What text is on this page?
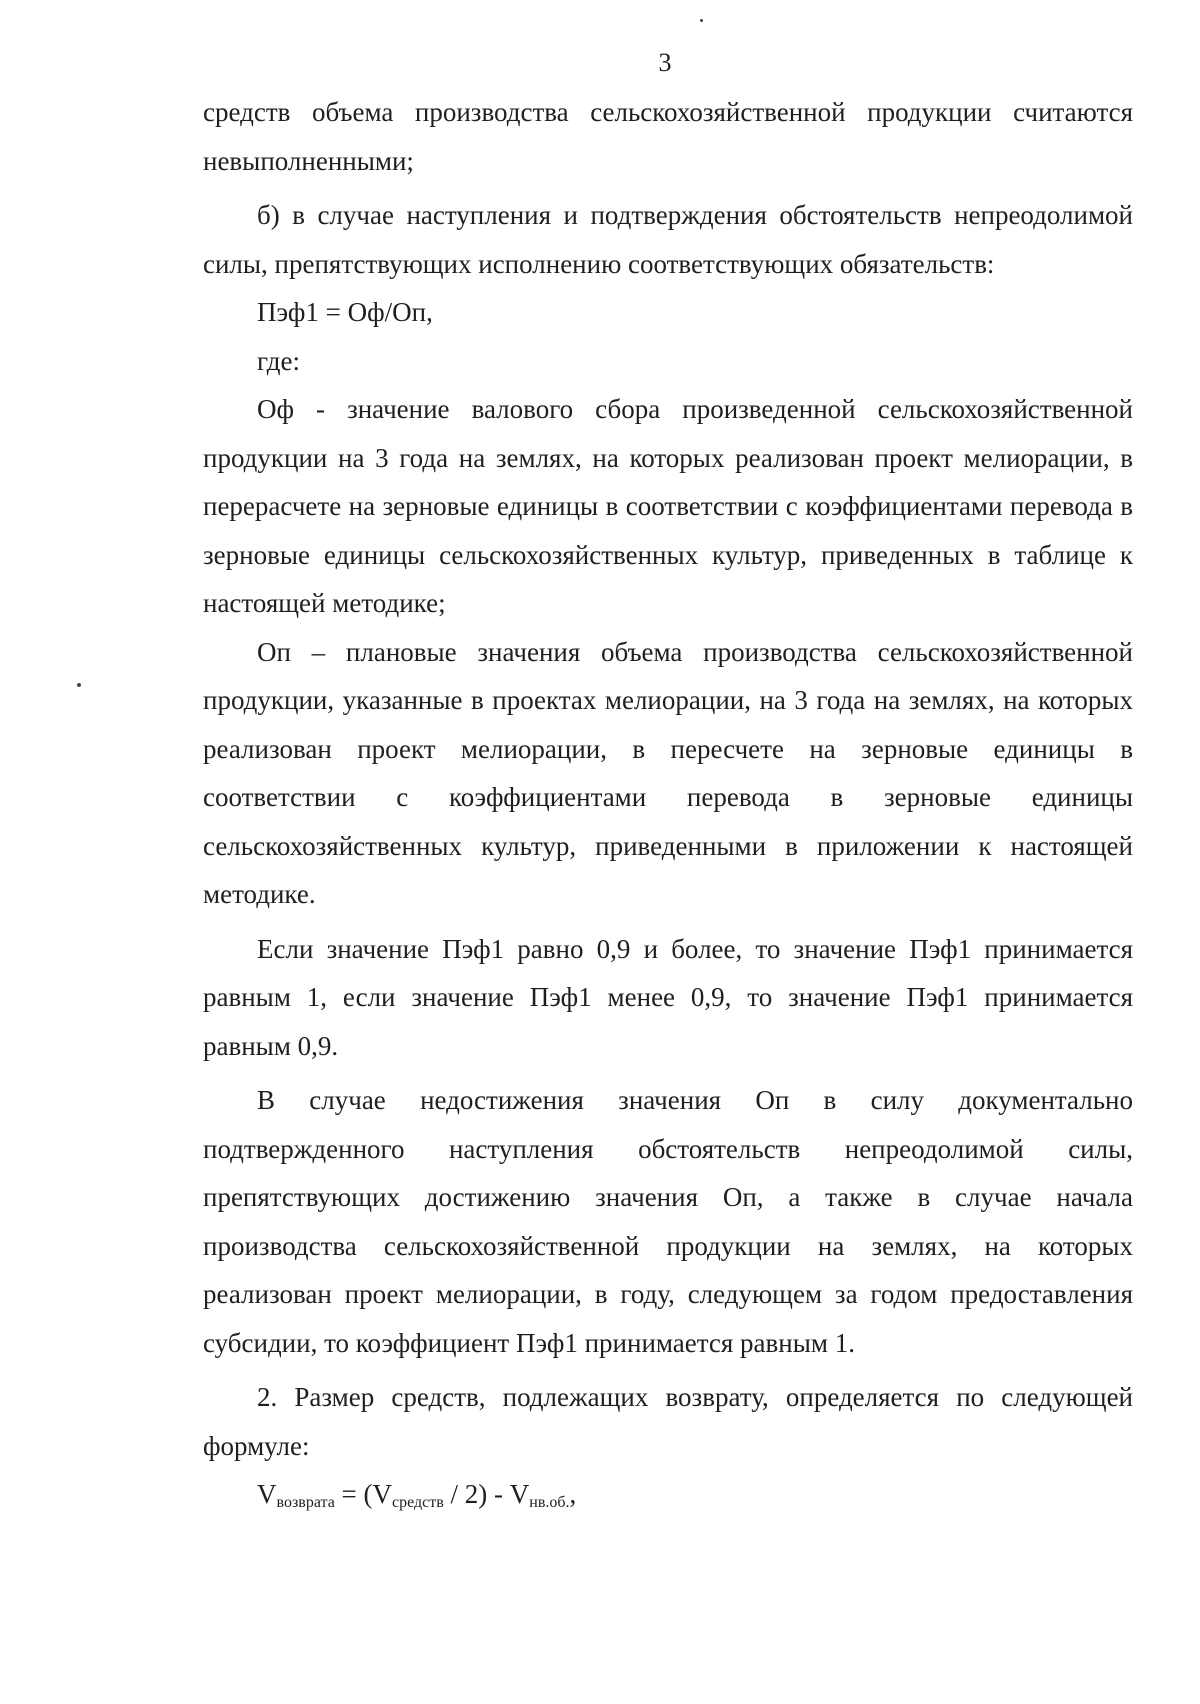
3

средств объема производства сельскохозяйственной продукции считаются невыполненными;

б) в случае наступления и подтверждения обстоятельств непреодолимой силы, препятствующих исполнению соответствующих обязательств:

Пэф1 = Оф/Оп,

где:

Оф - значение валового сбора произведенной сельскохозяйственной продукции на 3 года на землях, на которых реализован проект мелиорации, в перерасчете на зерновые единицы в соответствии с коэффициентами перевода в зерновые единицы сельскохозяйственных культур, приведенных в таблице к настоящей методике;

Оп – плановые значения объема производства сельскохозяйственной продукции, указанные в проектах мелиорации, на 3 года на землях, на которых реализован проект мелиорации, в пересчете на зерновые единицы в соответствии с коэффициентами перевода в зерновые единицы сельскохозяйственных культур, приведенными в приложении к настоящей методике.

Если значение Пэф1 равно 0,9 и более, то значение Пэф1 принимается равным 1, если значение Пэф1 менее 0,9, то значение Пэф1 принимается равным 0,9.

В случае недостижения значения Оп в силу документально подтвержденного наступления обстоятельств непреодолимой силы, препятствующих достижению значения Оп, а также в случае начала производства сельскохозяйственной продукции на землях, на которых реализован проект мелиорации, в году, следующем за годом предоставления субсидии, то коэффициент Пэф1 принимается равным 1.

2. Размер средств, подлежащих возврату, определяется по следующей формуле:

$V_{возврата} = (V_{средств} / 2) - V_{нв.об.}$,
